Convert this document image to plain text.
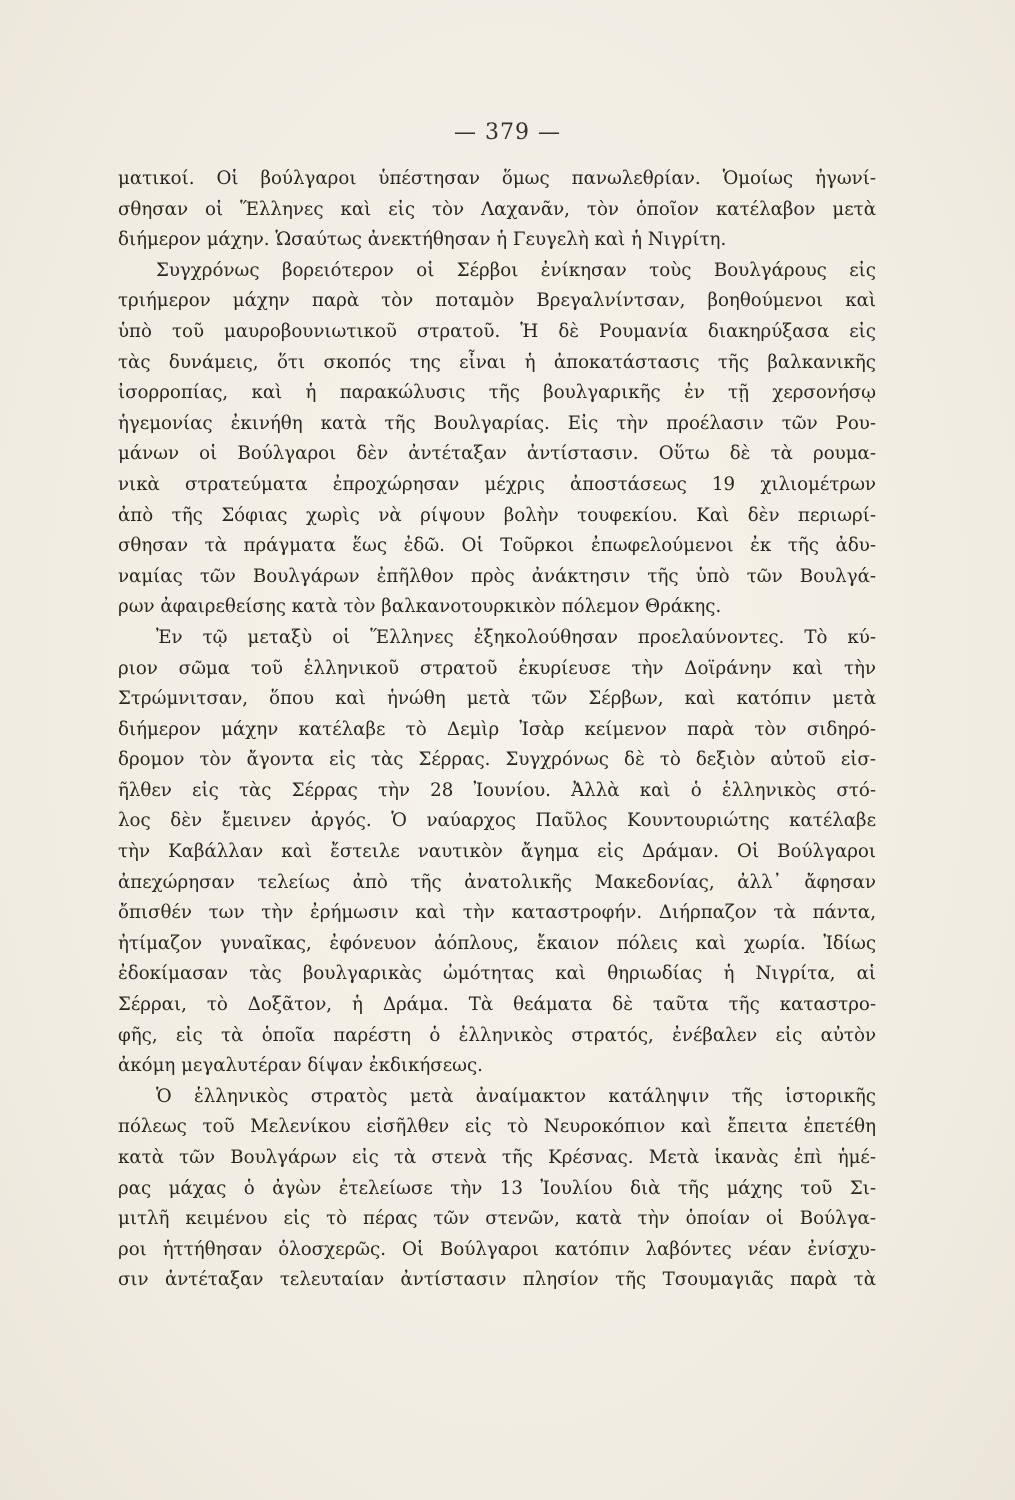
— 379 —
ματικοί. Οἱ βούλγαροι ὑπέστησαν ὅμως πανωλεθρίαν. Ὁμοίως ἠγωνί-
σθησαν οἱ Ἕλληνες καὶ εἰς τὸν Λαχανᾶν, τὸν ὁποῖον κατέλαβον μετὰ
διήμερον μάχην. Ὡσαύτως ἀνεκτήθησαν ἡ Γευγελὴ καὶ ἡ Νιγρίτη.
Συγχρόνως βορειότερον οἱ Σέρβοι ἐνίκησαν τοὺς Βουλγάρους εἰς
τριήμερον μάχην παρὰ τὸν ποταμὸν Βρεγαλνίντσαν, βοηθούμενοι καὶ
ὑπὸ τοῦ μαυροβουνιωτικοῦ στρατοῦ. Ἡ δὲ Ρουμανία διακηρύξασα εἰς
τὰς δυνάμεις, ὅτι σκοπός της εἶναι ἡ ἀποκατάστασις τῆς βαλκανικῆς
ἰσορροπίας, καὶ ἡ παρακώλυσις τῆς βουλγαρικῆς ἐν τῇ χερσονήσῳ
ἡγεμονίας ἐκινήθη κατὰ τῆς Βουλγαρίας. Εἰς τὴν προέλασιν τῶν Ρου-
μάνων οἱ Βούλγαροι δὲν ἀντέταξαν ἀντίστασιν. Οὕτω δὲ τὰ ρουμα-
νικὰ στρατεύματα ἐπροχώρησαν μέχρις ἀποστάσεως 19 χιλιομέτρων
ἀπὸ τῆς Σόφιας χωρὶς νὰ ρίψουν βολὴν τουφεκίου. Καὶ δὲν περιωρί-
σθησαν τὰ πράγματα ἕως ἐδῶ. Οἱ Τοῦρκοι ἐπωφελούμενοι ἐκ τῆς ἀδυ-
ναμίας τῶν Βουλγάρων ἐπῆλθον πρὸς ἀνάκτησιν τῆς ὑπὸ τῶν Βουλγά-
ρων ἀφαιρεθείσης κατὰ τὸν βαλκανοτουρκικὸν πόλεμον Θράκης.
Ἐν τῷ μεταξὺ οἱ Ἕλληνες ἐξηκολούθησαν προελαύνοντες. Τὸ κύ-
ριον σῶμα τοῦ ἑλληνικοῦ στρατοῦ ἐκυρίευσε τὴν Δοϊράνην καὶ τὴν
Στρώμνιτσαν, ὅπου καὶ ἡνώθη μετὰ τῶν Σέρβων, καὶ κατόπιν μετὰ
διήμερον μάχην κατέλαβε τὸ Δεμὶρ Ἰσὰρ κείμενον παρὰ τὸν σιδηρό-
δρομον τὸν ἄγοντα εἰς τὰς Σέρρας. Συγχρόνως δὲ τὸ δεξιὸν αὐτοῦ εἰσ-
ῆλθεν εἰς τὰς Σέρρας τὴν 28 Ἰουνίου. Ἀλλὰ καὶ ὁ ἑλληνικὸς στό-
λος δὲν ἔμεινεν ἀργός. Ὁ ναύαρχος Παῦλος Κουντουριώτης κατέλαβε
τὴν Καβάλλαν καὶ ἔστειλε ναυτικὸν ἄγημα εἰς Δράμαν. Οἱ Βούλγαροι
ἀπεχώρησαν τελείως ἀπὸ τῆς ἀνατολικῆς Μακεδονίας, ἀλλ᾽ ἄφησαν
ὄπισθέν των τὴν ἐρήμωσιν καὶ τὴν καταστροφήν. Διήρπαζον τὰ πάντα,
ἠτίμαζον γυναῖκας, ἐφόνευον ἀόπλους, ἔκαιον πόλεις καὶ χωρία. Ἰδίως
ἐδοκίμασαν τὰς βουλγαρικὰς ὠμότητας καὶ θηριωδίας ἡ Νιγρίτα, αἱ
Σέρραι, τὸ Δοξᾶτον, ἡ Δράμα. Τὰ θεάματα δὲ ταῦτα τῆς καταστρο-
φῆς, εἰς τὰ ὁποῖα παρέστη ὁ ἑλληνικὸς στρατός, ἐνέβαλεν εἰς αὐτὸν
ἀκόμη μεγαλυτέραν δίψαν ἐκδικήσεως.
Ὁ ἑλληνικὸς στρατὸς μετὰ ἀναίμακτον κατάληψιν τῆς ἱστορικῆς
πόλεως τοῦ Μελενίκου εἰσῆλθεν εἰς τὸ Νευροκόπιον καὶ ἔπειτα ἐπετέθη
κατὰ τῶν Βουλγάρων εἰς τὰ στενὰ τῆς Κρέσνας. Μετὰ ἱκανὰς ἐπὶ ἡμέ-
ρας μάχας ὁ ἀγὼν ἐτελείωσε τὴν 13 Ἰουλίου διὰ τῆς μάχης τοῦ Σι-
μιτλῆ κειμένου εἰς τὸ πέρας τῶν στενῶν, κατὰ τὴν ὁποίαν οἱ Βούλγα-
ροι ἡττήθησαν ὁλοσχερῶς. Οἱ Βούλγαροι κατόπιν λαβόντες νέαν ἐνίσχυ-
σιν ἀντέταξαν τελευταίαν ἀντίστασιν πλησίον τῆς Τσουμαγιᾶς παρὰ τὰ
